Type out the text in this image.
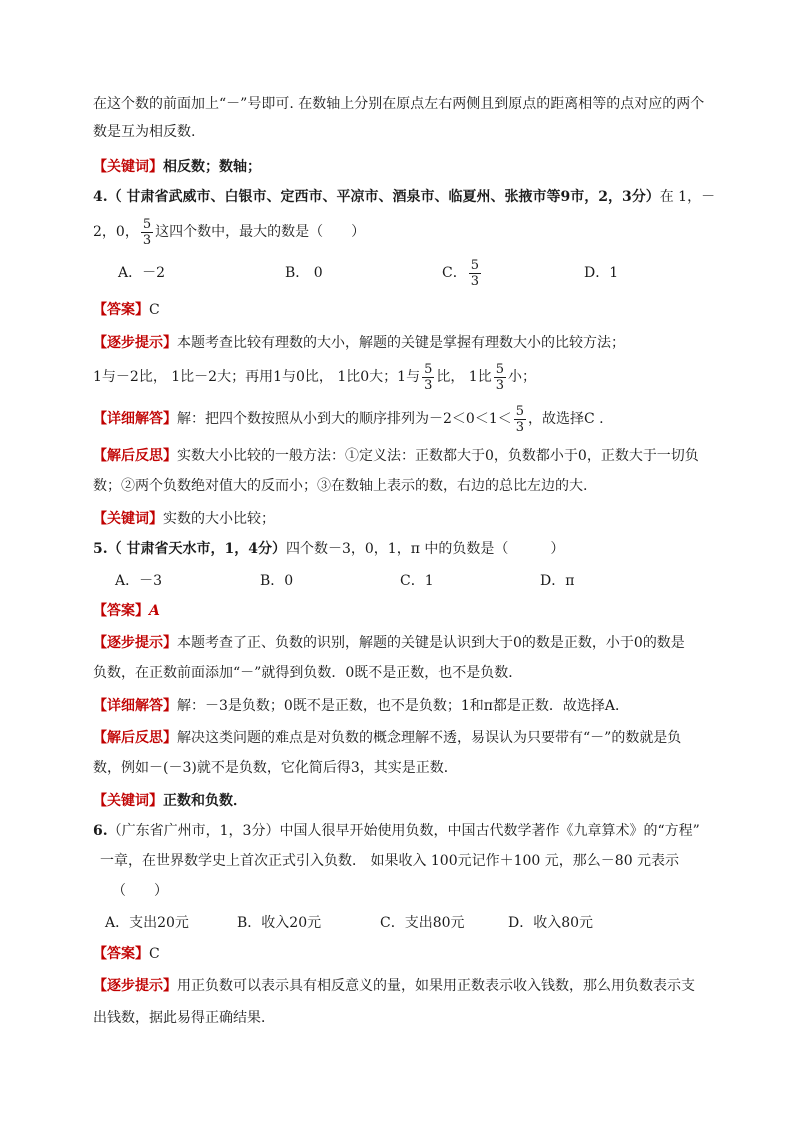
在这个数的前面加上“－”号即可. 在数轴上分别在原点左右两侧且到原点的距离相等的点对应的两个
数是互为相反数.
【关键词】相反数；数轴；
4.（ 甘肃省武威市、白银市、定西市、平凉市、酒泉市、临夏州、张掖市等9市，2，3分）在 1，－
2，0， $\frac{5}{3}$ 这四个数中，最大的数是（　　）
A．－2	B． 0	C． $\frac{5}{3}$	D．1
【答案】C
【逐步提示】本题考查比较有理数的大小，解题的关键是掌握有理数大小的比较方法；
1与－2比， 1比－2大；再用1与0比， 1比0大；1与 $\frac{5}{3}$ 比， 1比 $\frac{5}{3}$ 小；
【详细解答】解：把四个数按照从小到大的顺序排列为$-2<0<1< \frac{5}{3}$ ，故选择C .
【解后反思】实数大小比较的一般方法：①定义法：正数都大于0，负数都小于0，正数大于一切负
数；②两个负数绝对值大的反而小；③在数轴上表示的数，右边的总比左边的大.
【关键词】实数的大小比较；
5.（ 甘肃省天水市，1，4分）四个数－3，0，1，π 中的负数是（　　　）
A．－3	B．0	C．1	D．π
【答案】A
【逐步提示】本题考查了正、负数的识别，解题的关键是认识到大于0的数是正数，小于0的数是
负数，在正数前面添加“－”就得到负数．0既不是正数，也不是负数．
【详细解答】解：－3是负数；0既不是正数，也不是负数；1和π都是正数．故选择A．
【解后反思】解决这类问题的难点是对负数的概念理解不透，易误认为只要带有“－”的数就是负
数，例如－(－3)就不是负数，它化简后得3，其实是正数．
【关键词】正数和负数．
6.（广东省广州市，1，3分）中国人很早开始使用负数，中国古代数学著作《九章算术》的“方程”
一章，在世界数学史上首次正式引入负数． 如果收入 100元记作＋100 元，那么－80 元表示
（　　）
A．支出20元	B．收入20元	C．支出80元	D．收入80元
【答案】C
【逐步提示】用正负数可以表示具有相反意义的量，如果用正数表示收入钱数，那么用负数表示支
出钱数，据此易得正确结果．
